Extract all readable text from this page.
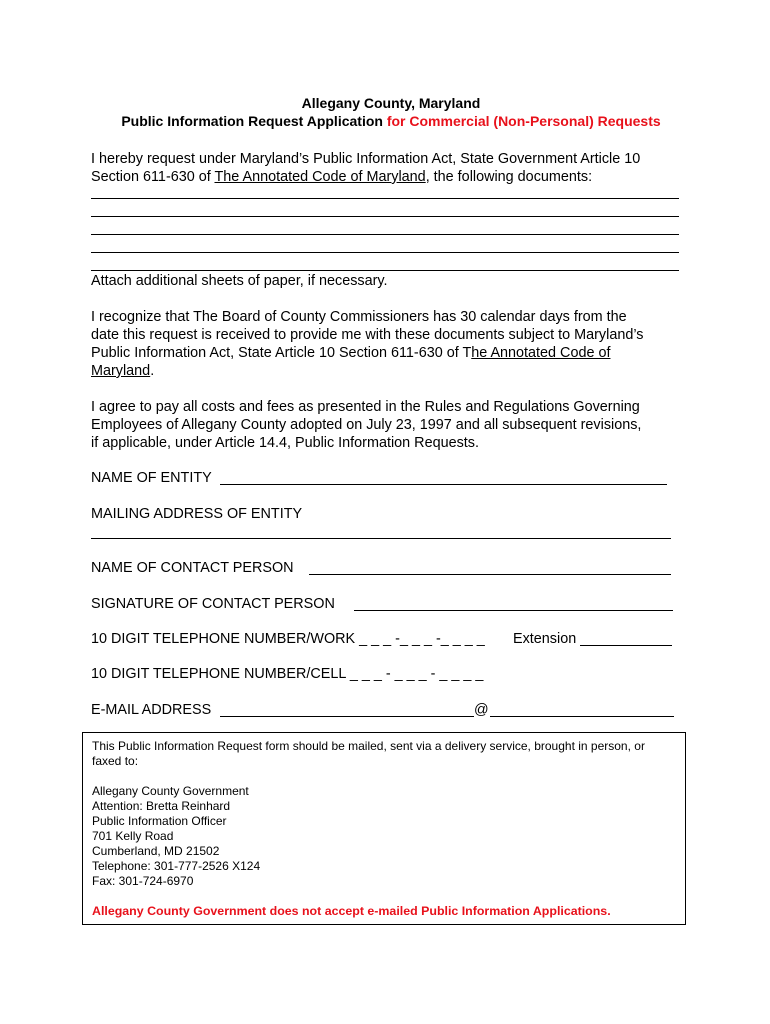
Allegany County, Maryland
Public Information Request Application for Commercial (Non-Personal) Requests

I hereby request under Maryland’s Public Information Act, State Government Article 10

Section 611-630 of The Annotated Code of Maryland, the following documents:

Attach additional sheets of paper, if necessary.

I recognize that The Board of County Commissioners has 30 calendar days from the

date this request is received to provide me with these documents subject to Maryland’s

Public Information Act, State Article 10 Section 611-630 of The Annotated Code of

Maryland.

I agree to pay all costs and fees as presented in the Rules and Regulations Governing

Employees of Allegany County adopted on July 23, 1997 and all subsequent revisions,

if applicable, under Article 14.4, Public Information Requests.

NAME OF ENTITY
MAILING ADDRESS OF ENTITY
NAME OF CONTACT PERSON
SIGNATURE OF CONTACT PERSON
10 DIGIT TELEPHONE NUMBER/WORK _ _ _ -_ _ _ -_ _ _ _ Extension
10 DIGIT TELEPHONE NUMBER/CELL _ _ _ - _ _ _ - _ _ _ _
E-MAIL ADDRESS	@
This Public Information Request form should be mailed, sent via a delivery service, brought in person, or
faxed to:
Allegany County Government
Attention: Bretta Reinhard
Public Information Officer
701 Kelly Road
Cumberland, MD 21502
Telephone: 301-777-2526 X124
Fax: 301-724-6970
Allegany County Government does not accept e-mailed Public Information Applications.
